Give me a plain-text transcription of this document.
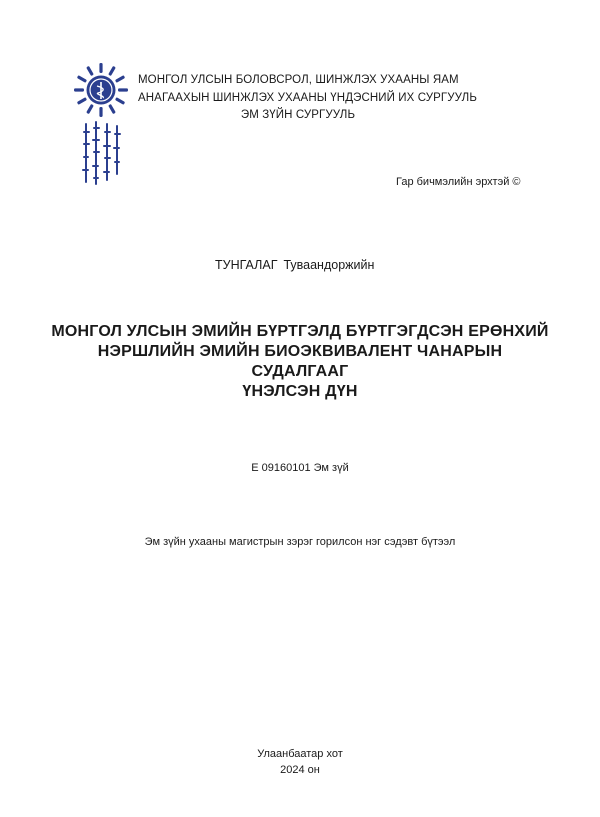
МОНГОЛ УЛСЫН БОЛОВСРОЛ, ШИНЖЛЭХ УХААНЫ ЯАМ
АНАГААХЫН ШИНЖЛЭХ УХААНЫ ҮНДЭСНИЙ ИХ СУРГУУЛЬ
ЭМ ЗҮЙН СУРГУУЛЬ
Гар бичмэлийн эрхтэй ©
ТУНГАЛАГ Туваандоржийн
МОНГОЛ УЛСЫН ЭМИЙН БҮРТГЭЛД БҮРТГЭГДСЭН ЕРӨНХИЙ
НЭРШЛИЙН ЭМИЙН БИОЭКВИВАЛЕНТ ЧАНАРЫН СУДАЛГААГ
ҮНЭЛСЭН ДҮН
Е 09160101 Эм зүй
Эм зүйн ухааны магистрын зэрэг горилсон нэг сэдэвт бүтээл
Улаанбаатар хот
2024 он
